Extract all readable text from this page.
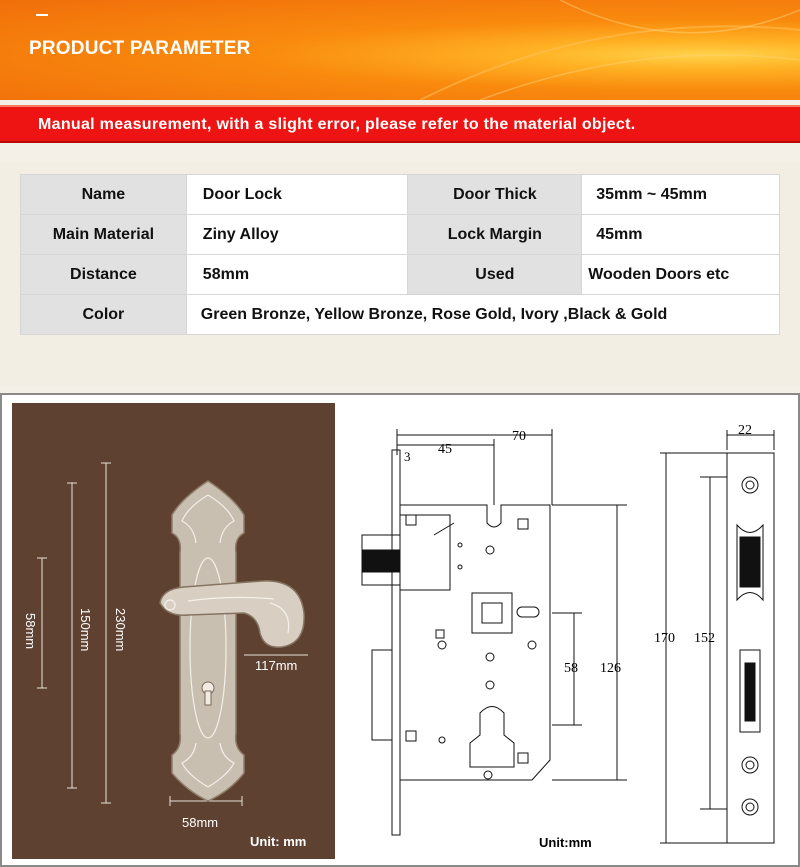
PRODUCT PARAMETER
Manual measurement, with a slight error, please refer to the material object.
Name	Door Lock	Door Thick	35mm ~ 45mm
Main Material	Ziny Alloy	Lock Margin	45mm
Distance	58mm	Used	Wooden Doors etc
Color	Green Bronze, Yellow Bronze, Rose Gold, Ivory ,Black & Gold		
58mm	150mm 230mm
117mm
58mm
Unit: mm
3 45
70
58 126
22
170 152
Unit:mm
